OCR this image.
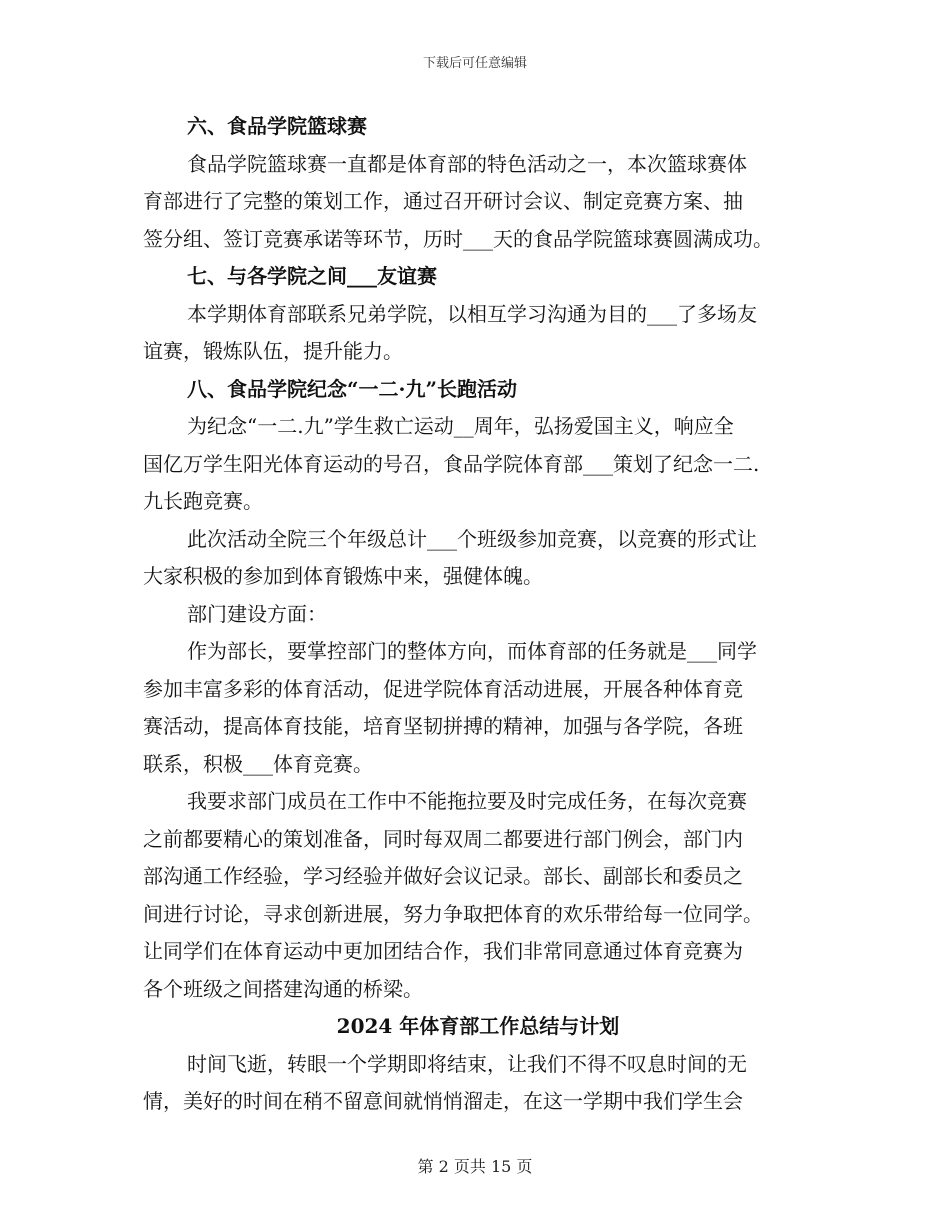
下载后可任意编辑
六、食品学院篮球赛
食品学院篮球赛一直都是体育部的特色活动之一，本次篮球赛体
育部进行了完整的策划工作，通过召开研讨会议、制定竞赛方案、抽
签分组、签订竞赛承诺等环节，历时___天的食品学院篮球赛圆满成功。
七、与各学院之间___友谊赛
本学期体育部联系兄弟学院，以相互学习沟通为目的___了多场友
谊赛，锻炼队伍，提升能力。
八、食品学院纪念“一二·九”长跑活动
为纪念“一二.九”学生救亡运动__周年，弘扬爱国主义，响应全
国亿万学生阳光体育运动的号召，食品学院体育部___策划了纪念一二.
九长跑竞赛。
此次活动全院三个年级总计___个班级参加竞赛，以竞赛的形式让
大家积极的参加到体育锻炼中来，强健体魄。
部门建设方面：
作为部长，要掌控部门的整体方向，而体育部的任务就是___同学
参加丰富多彩的体育活动，促进学院体育活动进展，开展各种体育竞
赛活动，提高体育技能，培育坚韧拼搏的精神，加强与各学院，各班
联系，积极___体育竞赛。
我要求部门成员在工作中不能拖拉要及时完成任务，在每次竞赛
之前都要精心的策划准备，同时每双周二都要进行部门例会，部门内
部沟通工作经验，学习经验并做好会议记录。部长、副部长和委员之
间进行讨论，寻求创新进展，努力争取把体育的欢乐带给每一位同学。
让同学们在体育运动中更加团结合作，我们非常同意通过体育竞赛为
各个班级之间搭建沟通的桥梁。
2024 年体育部工作总结与计划
时间飞逝，转眼一个学期即将结束，让我们不得不叹息时间的无
情，美好的时间在稍不留意间就悄悄溜走，在这一学期中我们学生会
第 2 页共 15 页
